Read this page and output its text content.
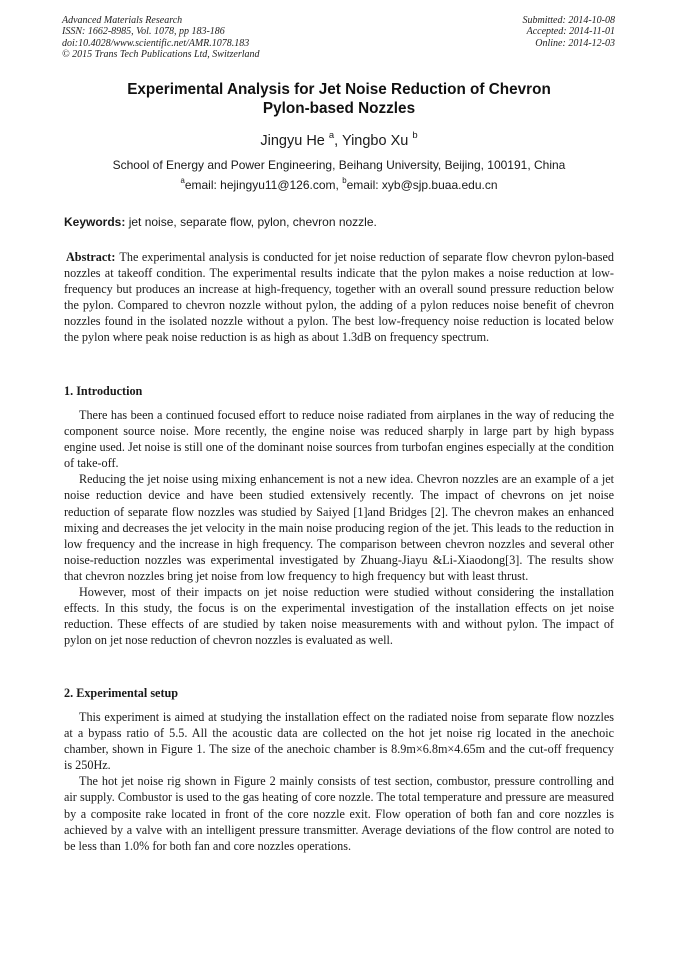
Advanced Materials Research
ISSN: 1662-8985, Vol. 1078, pp 183-186
doi:10.4028/www.scientific.net/AMR.1078.183
© 2015 Trans Tech Publications Ltd, Switzerland
Submitted: 2014-10-08
Accepted: 2014-11-01
Online: 2014-12-03
Experimental Analysis for Jet Noise Reduction of Chevron
Pylon-based Nozzles
Jingyu He $^a$, Yingbo Xu $^b$
School of Energy and Power Engineering, Beihang University, Beijing, 100191, China
$^a$email: hejingyu11@126.com, $^b$email: xyb@sjp.buaa.edu.cn
Keywords: jet noise, separate flow, pylon, chevron nozzle.

Abstract: The experimental analysis is conducted for jet noise reduction of separate flow chevron pylon-based nozzles at takeoff condition. The experimental results indicate that the pylon makes a noise reduction at low-frequency but produces an increase at high-frequency, together with an overall sound pressure reduction below the pylon. Compared to chevron nozzle without pylon, the adding of a pylon reduces noise benefit of chevron nozzles found in the isolated nozzle without a pylon. The best low-frequency noise reduction is located below the pylon where peak noise reduction is as high as about 1.3dB on frequency spectrum.

1. Introduction

There has been a continued focused effort to reduce noise radiated from airplanes in the way of reducing the component source noise. More recently, the engine noise was reduced sharply in large part by high bypass engine used. Jet noise is still one of the dominant noise sources from turbofan engines especially at the condition of take-off.

Reducing the jet noise using mixing enhancement is not a new idea. Chevron nozzles are an example of a jet noise reduction device and have been studied extensively recently. The impact of chevrons on jet noise reduction of separate flow nozzles was studied by Saiyed [1]and Bridges [2]. The chevron makes an enhanced mixing and decreases the jet velocity in the main noise producing region of the jet. This leads to the reduction in low frequency and the increase in high frequency. The comparison between chevron nozzles and several other noise-reduction nozzles was experimental investigated by Zhuang-Jiayu &Li-Xiaodong[3]. The results show that chevron nozzles bring jet noise from low frequency to high frequency but with least thrust.

However, most of their impacts on jet noise reduction were studied without considering the installation effects. In this study, the focus is on the experimental investigation of the installation effects on jet noise reduction. These effects of are studied by taken noise measurements with and without pylon. The impact of pylon on jet nose reduction of chevron nozzles is evaluated as well.

2. Experimental setup

This experiment is aimed at studying the installation effect on the radiated noise from separate flow nozzles at a bypass ratio of 5.5. All the acoustic data are collected on the hot jet noise rig located in the anechoic chamber, shown in Figure 1. The size of the anechoic chamber is 8.9m×6.8m×4.65m and the cut-off frequency is 250Hz.

The hot jet noise rig shown in Figure 2 mainly consists of test section, combustor, pressure controlling and air supply. Combustor is used to the gas heating of core nozzle. The total temperature and pressure are measured by a composite rake located in front of the core nozzle exit. Flow operation of both fan and core nozzles is achieved by a valve with an intelligent pressure transmitter. Average deviations of the flow control are noted to be less than 1.0% for both fan and core nozzles operations.
